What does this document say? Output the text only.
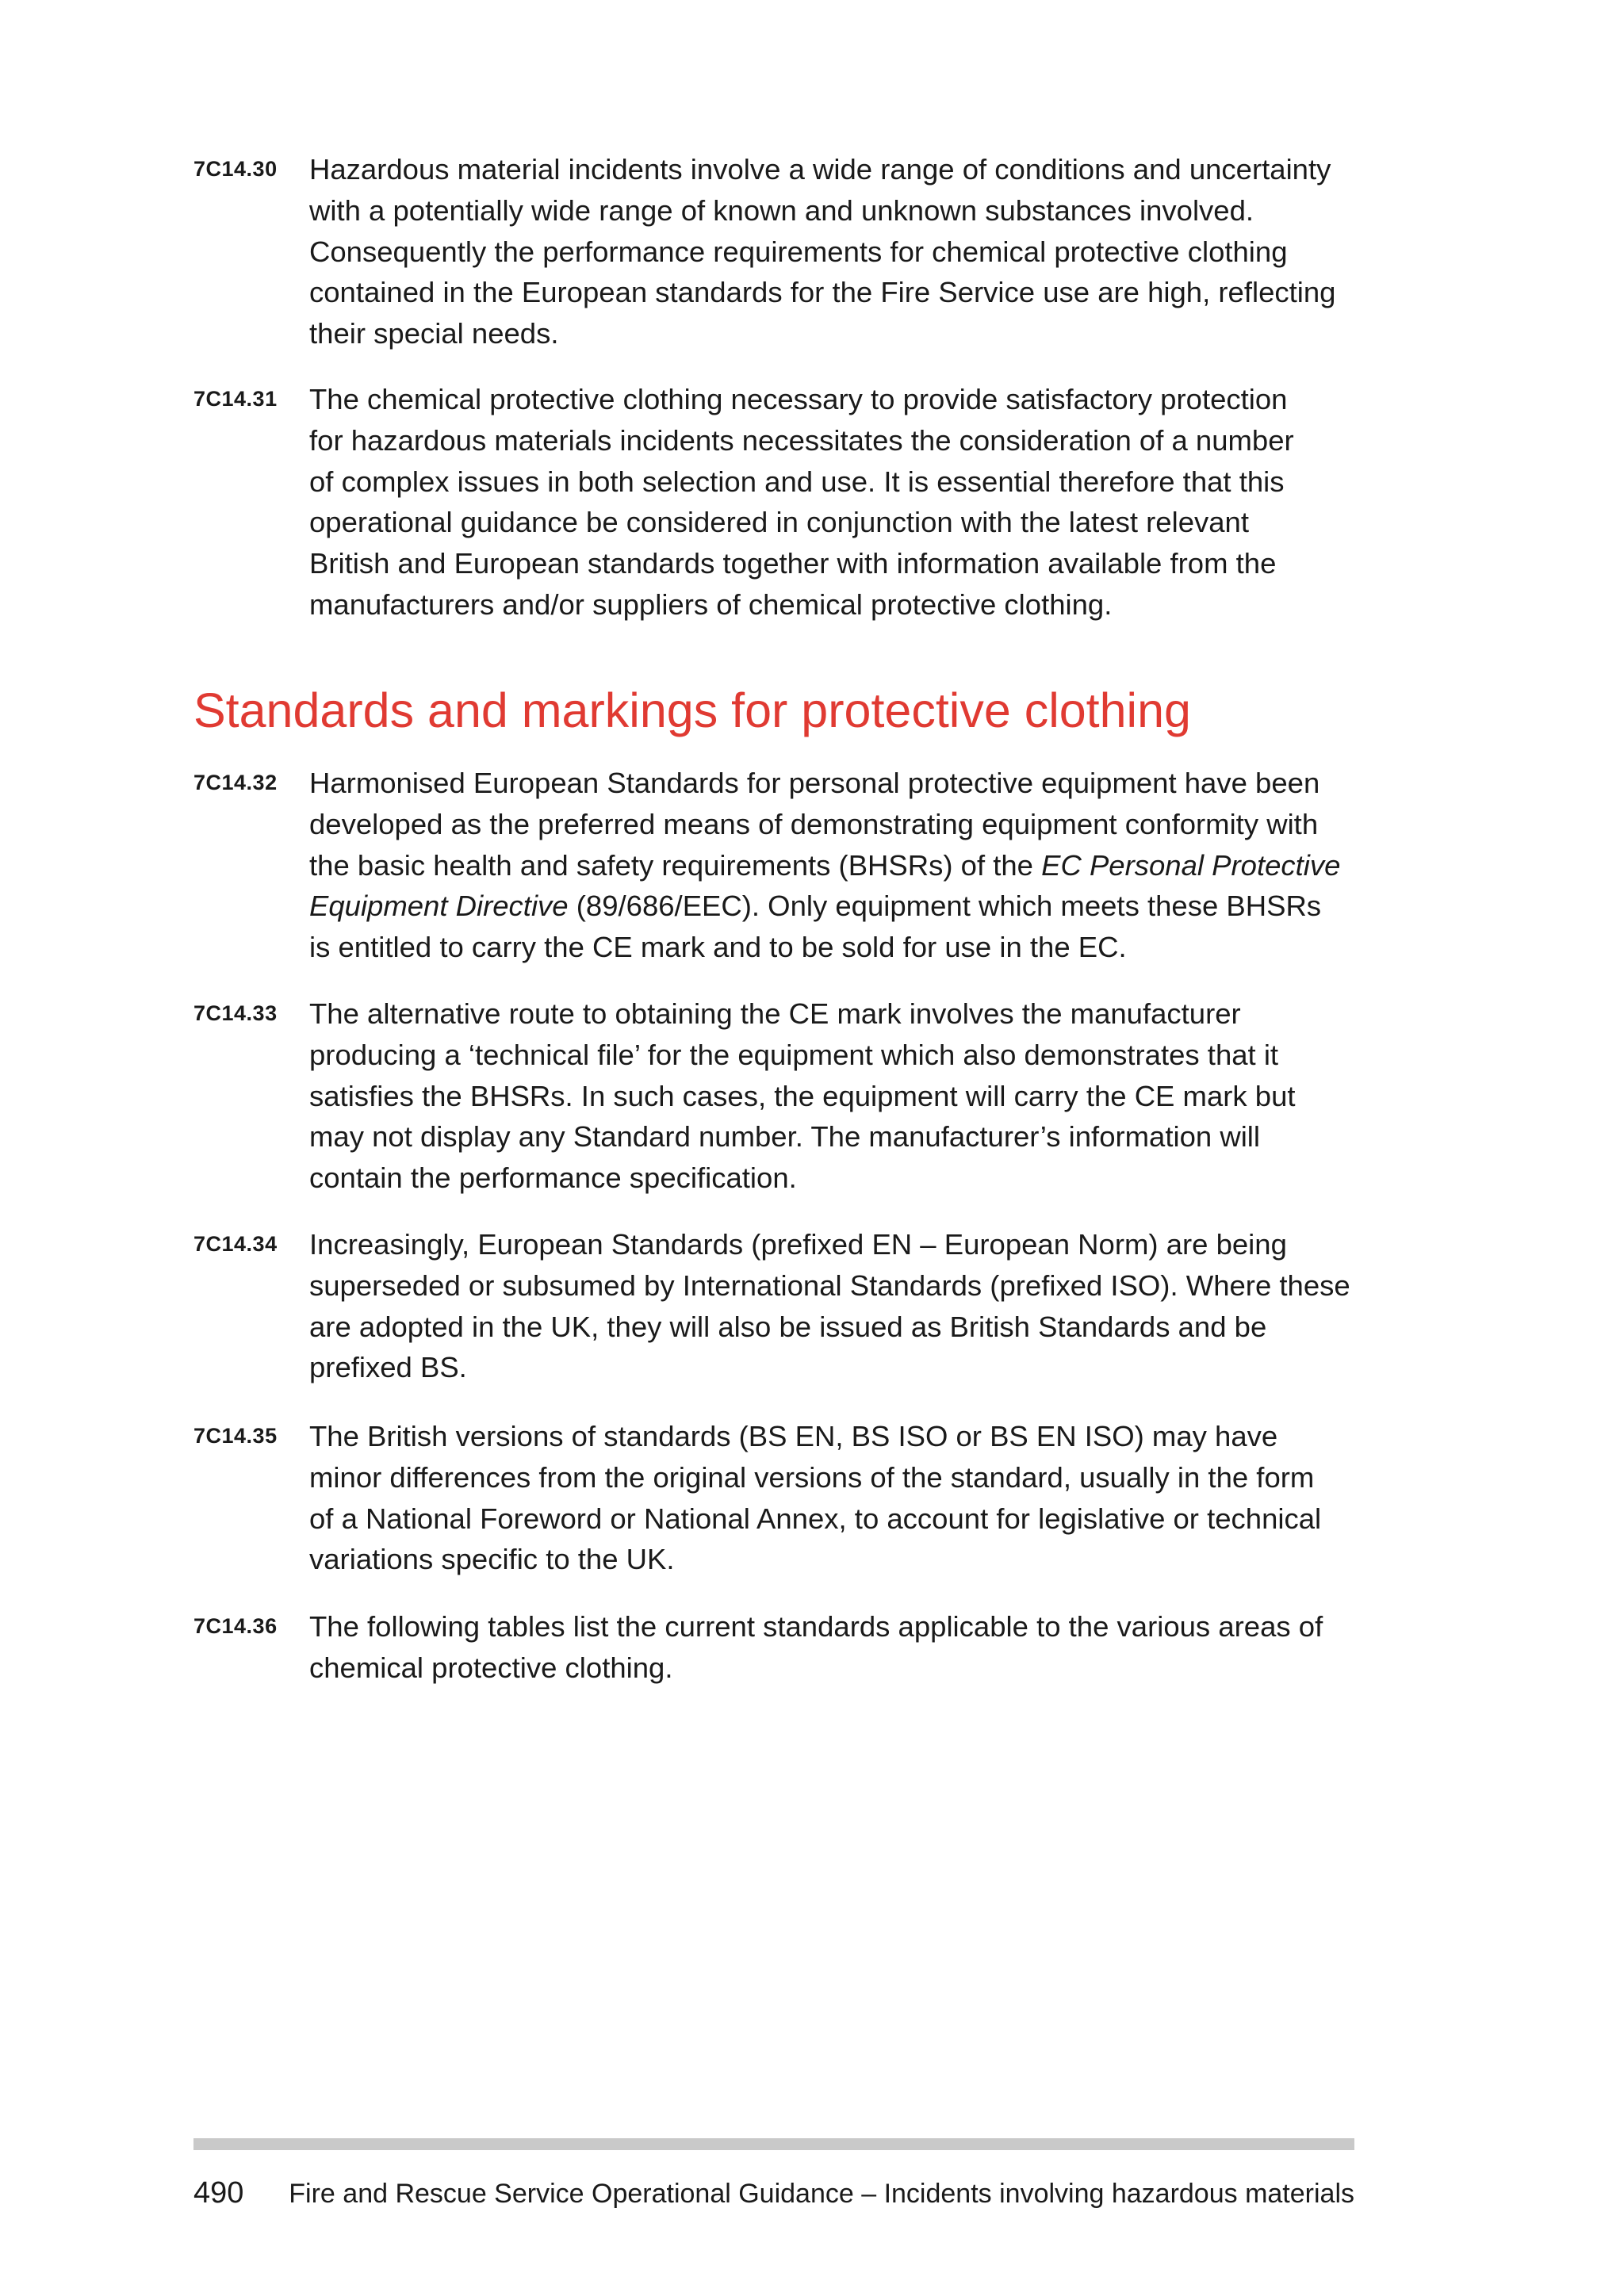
7C14.30 Hazardous material incidents involve a wide range of conditions and uncertainty
with a potentially wide range of known and unknown substances involved.
Consequently the performance requirements for chemical protective clothing
contained in the European standards for the Fire Service use are high, reflecting
their special needs.
7C14.31 The chemical protective clothing necessary to provide satisfactory protection
for hazardous materials incidents necessitates the consideration of a number
of complex issues in both selection and use. It is essential therefore that this
operational guidance be considered in conjunction with the latest relevant
British and European standards together with information available from the
manufacturers and/or suppliers of chemical protective clothing.
Standards and markings for protective clothing
7C14.32 Harmonised European Standards for personal protective equipment have been
developed as the preferred means of demonstrating equipment conformity with
the basic health and safety requirements (BHSRs) of the EC Personal Protective
Equipment Directive (89/686/EEC). Only equipment which meets these BHSRs
is entitled to carry the CE mark and to be sold for use in the EC.
7C14.33 The alternative route to obtaining the CE mark involves the manufacturer
producing a ‘technical file’ for the equipment which also demonstrates that it
satisfies the BHSRs. In such cases, the equipment will carry the CE mark but
may not display any Standard number. The manufacturer’s information will
contain the performance specification.
7C14.34 Increasingly, European Standards (prefixed EN – European Norm) are being
superseded or subsumed by International Standards (prefixed ISO). Where these
are adopted in the UK, they will also be issued as British Standards and be
prefixed BS.
7C14.35 The British versions of standards (BS EN, BS ISO or BS EN ISO) may have
minor differences from the original versions of the standard, usually in the form
of a National Foreword or National Annex, to account for legislative or technical
variations specific to the UK.
7C14.36 The following tables list the current standards applicable to the various areas of
chemical protective clothing.
490 Fire and Rescue Service Operational Guidance – Incidents involving hazardous materials
